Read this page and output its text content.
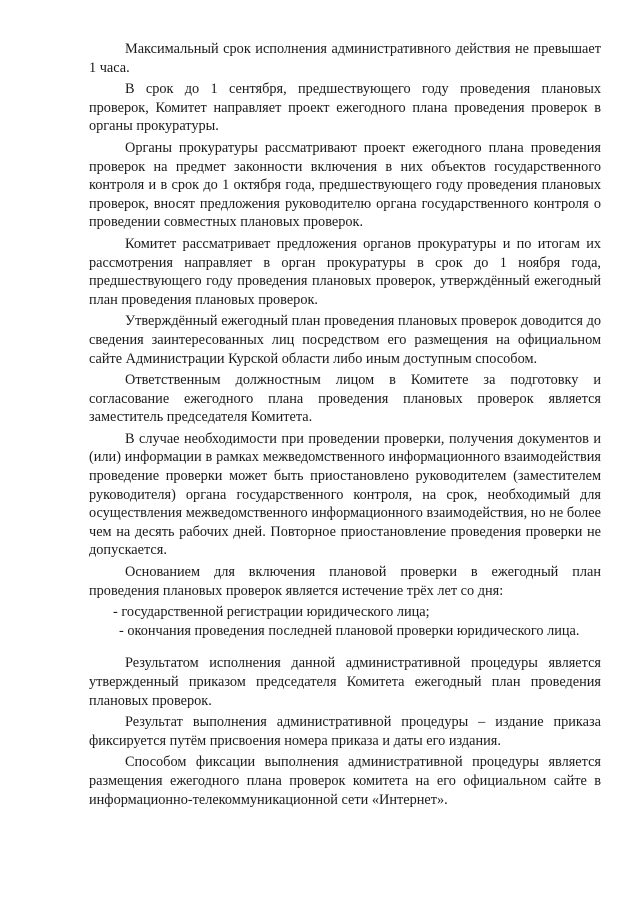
Максимальный срок исполнения административного действия не превышает 1 часа.

В срок до 1 сентября, предшествующего году проведения плановых проверок, Комитет направляет проект ежегодного плана проведения проверок в органы прокуратуры.

Органы прокуратуры рассматривают проект ежегодного плана проведения проверок на предмет законности включения в них объектов государственного контроля и в срок до 1 октября года, предшествующего году проведения плановых проверок, вносят предложения руководителю органа государственного контроля о проведении совместных плановых проверок.

Комитет рассматривает предложения органов прокуратуры и по итогам их рассмотрения направляет в орган прокуратуры в срок до 1 ноября года, предшествующего году проведения плановых проверок, утверждённый ежегодный план проведения плановых проверок.

Утверждённый ежегодный план проведения плановых проверок доводится до сведения заинтересованных лиц посредством его размещения на официальном сайте Администрации Курской области либо иным доступным способом.

Ответственным должностным лицом в Комитете за подготовку и согласование ежегодного плана проведения плановых проверок является заместитель председателя Комитета.

В случае необходимости при проведении проверки, получения документов и (или) информации в рамках межведомственного информационного взаимодействия проведение проверки может быть приостановлено руководителем (заместителем руководителя) органа государственного контроля, на срок, необходимый для осуществления межведомственного информационного взаимодействия, но не более чем на десять рабочих дней. Повторное приостановление проведения проверки не допускается.

Основанием для включения плановой проверки в ежегодный план проведения плановых проверок является истечение трёх лет со дня:

- государственной регистрации юридического лица;

- окончания проведения последней плановой проверки юридического лица.

Результатом исполнения данной административной процедуры является утвержденный приказом председателя Комитета ежегодный план проведения плановых проверок.

Результат выполнения административной процедуры – издание приказа фиксируется путём присвоения номера приказа и даты его издания.

Способом фиксации выполнения административной процедуры является размещения ежегодного плана проверок комитета на его официальном сайте в информационно-телекоммуникационной сети «Интернет».
